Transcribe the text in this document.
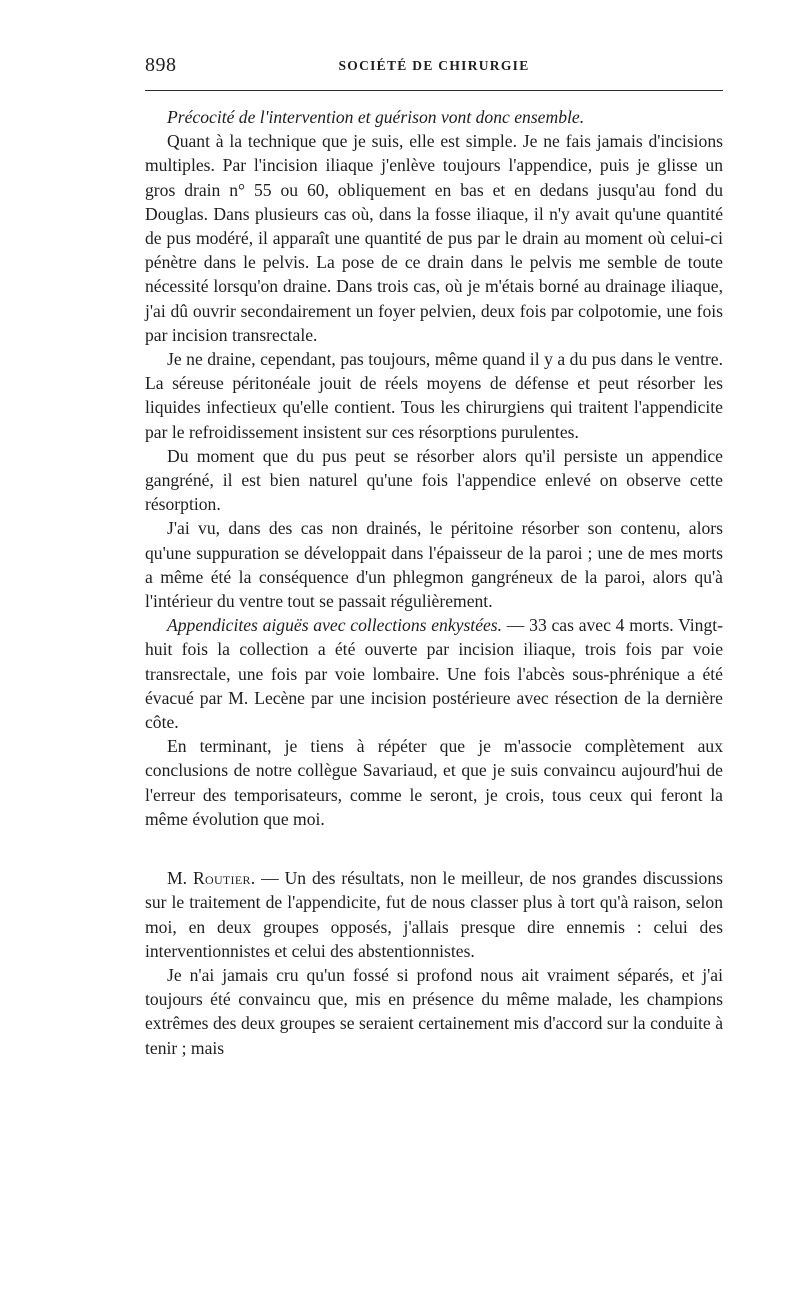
898	SOCIÉTÉ DE CHIRURGIE

Précocité de l'intervention et guérison vont donc ensemble.

Quant à la technique que je suis, elle est simple. Je ne fais jamais d'incisions multiples. Par l'incision iliaque j'enlève toujours l'appendice, puis je glisse un gros drain n° 55 ou 60, obliquement en bas et en dedans jusqu'au fond du Douglas. Dans plusieurs cas où, dans la fosse iliaque, il n'y avait qu'une quantité de pus modéré, il apparaît une quantité de pus par le drain au moment où celui-ci pénètre dans le pelvis. La pose de ce drain dans le pelvis me semble de toute nécessité lorsqu'on draine. Dans trois cas, où je m'étais borné au drainage iliaque, j'ai dû ouvrir secondairement un foyer pelvien, deux fois par colpotomie, une fois par incision transrectale.

Je ne draine, cependant, pas toujours, même quand il y a du pus dans le ventre. La séreuse péritonéale jouit de réels moyens de défense et peut résorber les liquides infectieux qu'elle contient. Tous les chirurgiens qui traitent l'appendicite par le refroidissement insistent sur ces résorptions purulentes.

Du moment que du pus peut se résorber alors qu'il persiste un appendice gangréné, il est bien naturel qu'une fois l'appendice enlevé on observe cette résorption.

J'ai vu, dans des cas non drainés, le péritoine résorber son contenu, alors qu'une suppuration se développait dans l'épaisseur de la paroi ; une de mes morts a même été la conséquence d'un phlegmon gangréneux de la paroi, alors qu'à l'intérieur du ventre tout se passait régulièrement.

Appendicites aiguës avec collections enkystées. — 33 cas avec 4 morts. Vingt-huit fois la collection a été ouverte par incision iliaque, trois fois par voie transrectale, une fois par voie lombaire. Une fois l'abcès sous-phrénique a été évacué par M. Lecène par une incision postérieure avec résection de la dernière côte.

En terminant, je tiens à répéter que je m'associe complètement aux conclusions de notre collègue Savariaud, et que je suis convaincu aujourd'hui de l'erreur des temporisateurs, comme le seront, je crois, tous ceux qui feront la même évolution que moi.

M. Routier. — Un des résultats, non le meilleur, de nos grandes discussions sur le traitement de l'appendicite, fut de nous classer plus à tort qu'à raison, selon moi, en deux groupes opposés, j'allais presque dire ennemis : celui des interventionnistes et celui des abstentionnistes.

Je n'ai jamais cru qu'un fossé si profond nous ait vraiment séparés, et j'ai toujours été convaincu que, mis en présence du même malade, les champions extrêmes des deux groupes se seraient certainement mis d'accord sur la conduite à tenir ; mais
